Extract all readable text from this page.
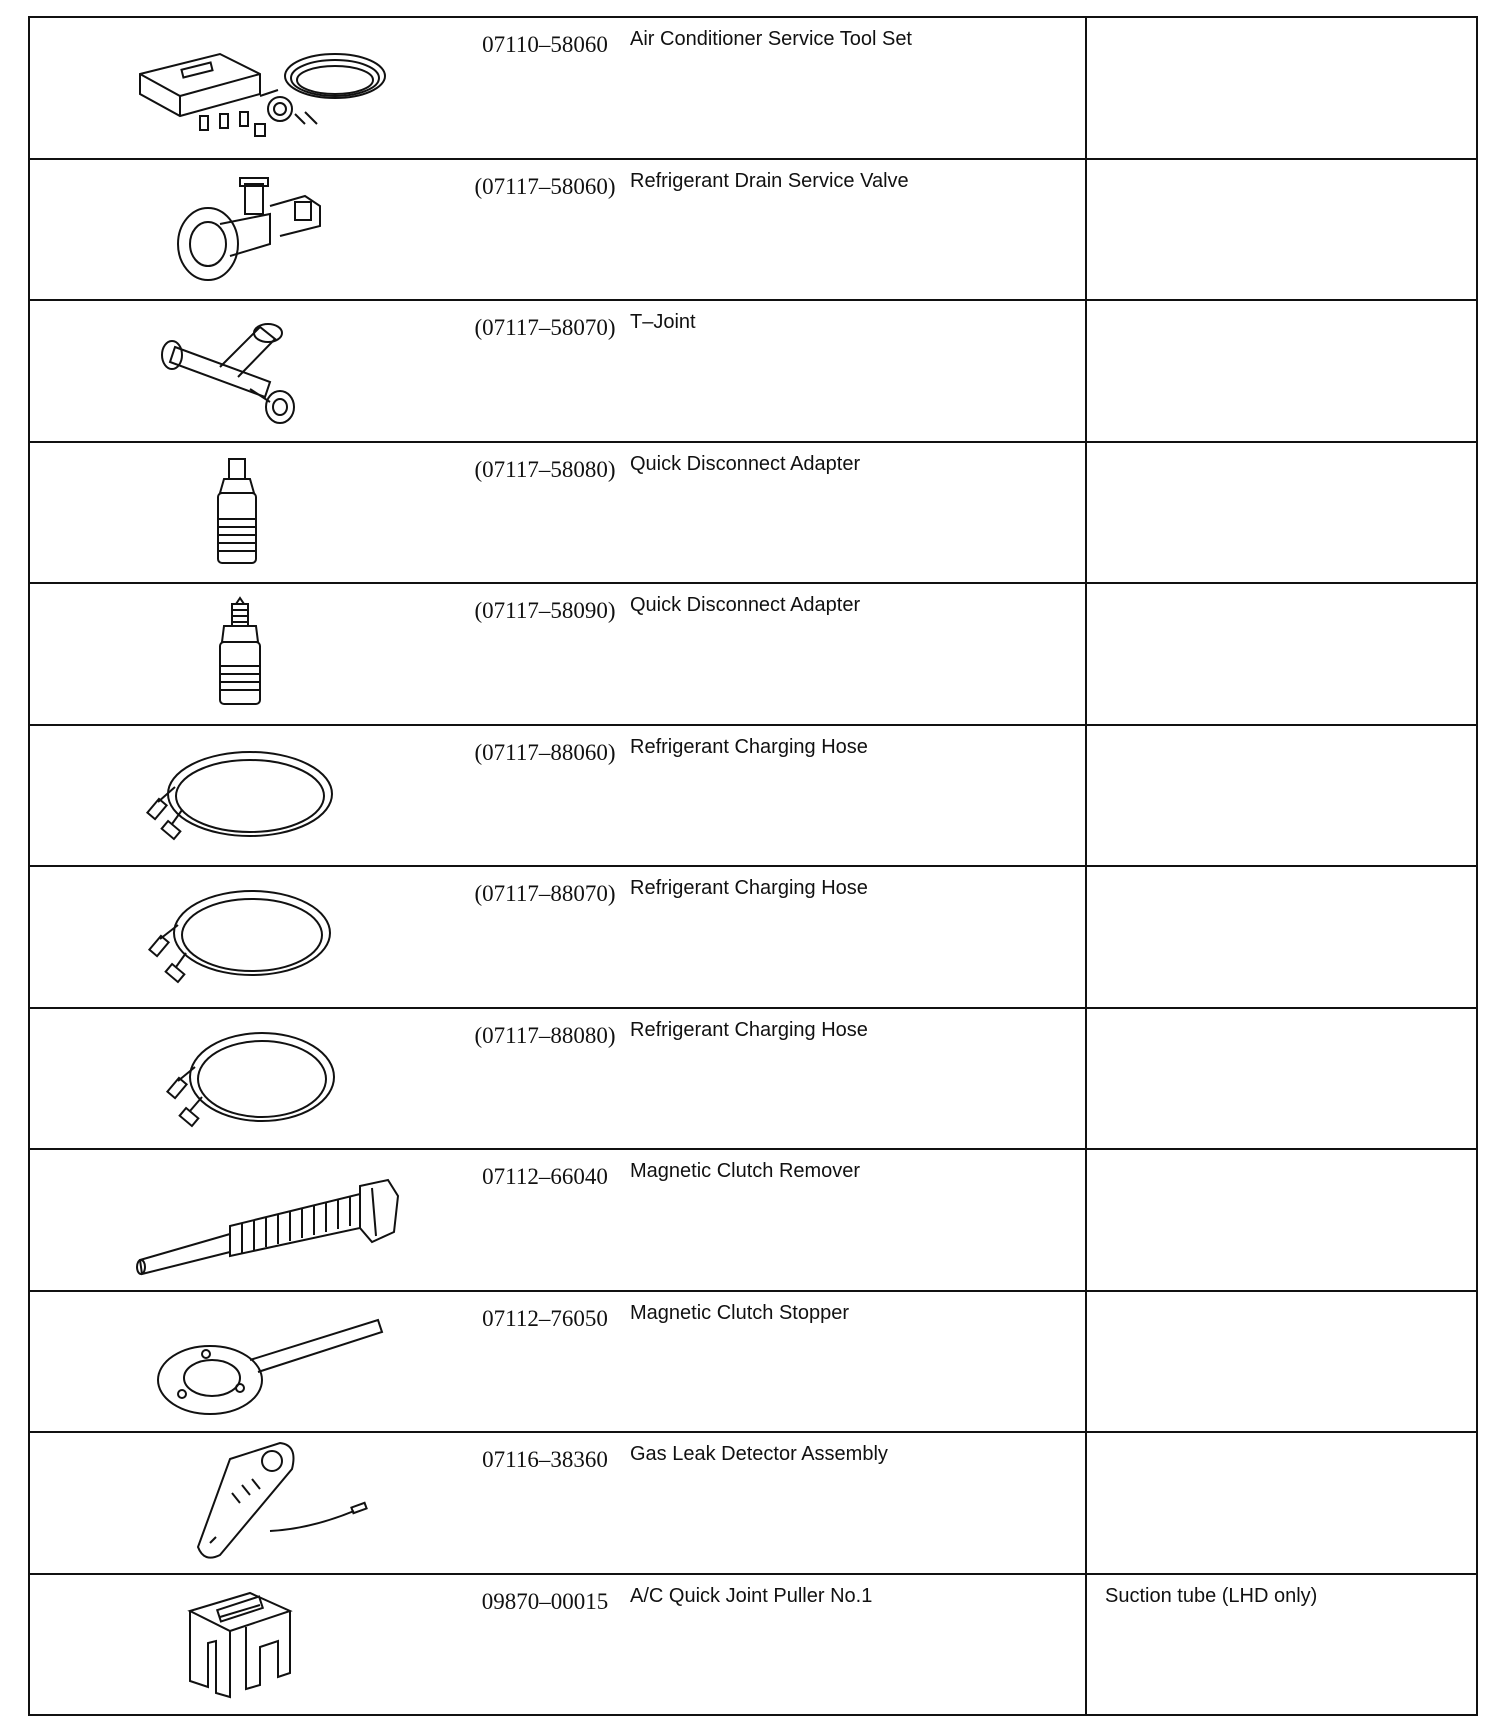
07110–58060	Air Conditioner Service Tool Set
(07117–58060) Refrigerant Drain Service Valve
(07117–58070) T–Joint
(07117–58080) Quick Disconnect Adapter
(07117–58090) Quick Disconnect Adapter
(07117–88060) Refrigerant Charging Hose
(07117–88070) Refrigerant Charging Hose
(07117–88080) Refrigerant Charging Hose
07112–66040	Magnetic Clutch Remover
07112–76050	Magnetic Clutch Stopper
07116–38360	Gas Leak Detector Assembly
09870–00015	A/C Quick Joint Puller No.1	Suction tube (LHD only)
